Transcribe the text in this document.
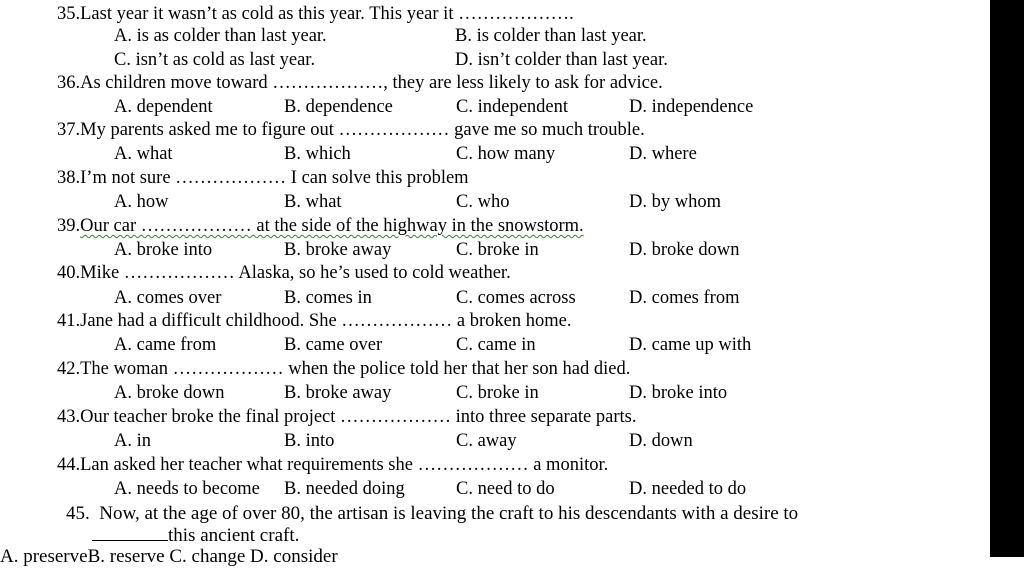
35.Last year it wasn’t as cold as this year. This year it ……………….
A. is as colder than last year.	B. is colder than last year.
C. isn’t as cold as last year.	D. isn’t colder than last year.
36.As children move toward ………………, they are less likely to ask for advice.
A. dependent	B. dependence	C. independent	D. independence
37.My parents asked me to figure out ……………… gave me so much trouble.
A. what	B. which	C. how many	D. where
38.I’m not sure ……………… I can solve this problem
A. how	B. what	C. who	D. by whom
39.Our car ……………… at the side of the highway in the snowstorm.
A. broke into	B. broke away	C. broke in	D. broke down
40.Mike ……………… Alaska, so he’s used to cold weather.
A. comes over	B. comes in	C. comes across	D. comes from
41.Jane had a difficult childhood. She ……………… a broken home.
A. came from	B. came over	C. came in	D. came up with
42.The woman ……………… when the police told her that her son had died.
A. broke down	B. broke away	C. broke in	D. broke into
43.Our teacher broke the final project ……………… into three separate parts.
A. in	B. into	C. away	D. down
44.Lan asked her teacher what requirements she ……………… a monitor.
A. needs to become B. needed doing	C. need to do	D. needed to do
45. Now, at the age of over 80, the artisan is leaving the craft to his descendants with a desire to
this ancient craft.
A. preserveB. reserve C. change D. consider
